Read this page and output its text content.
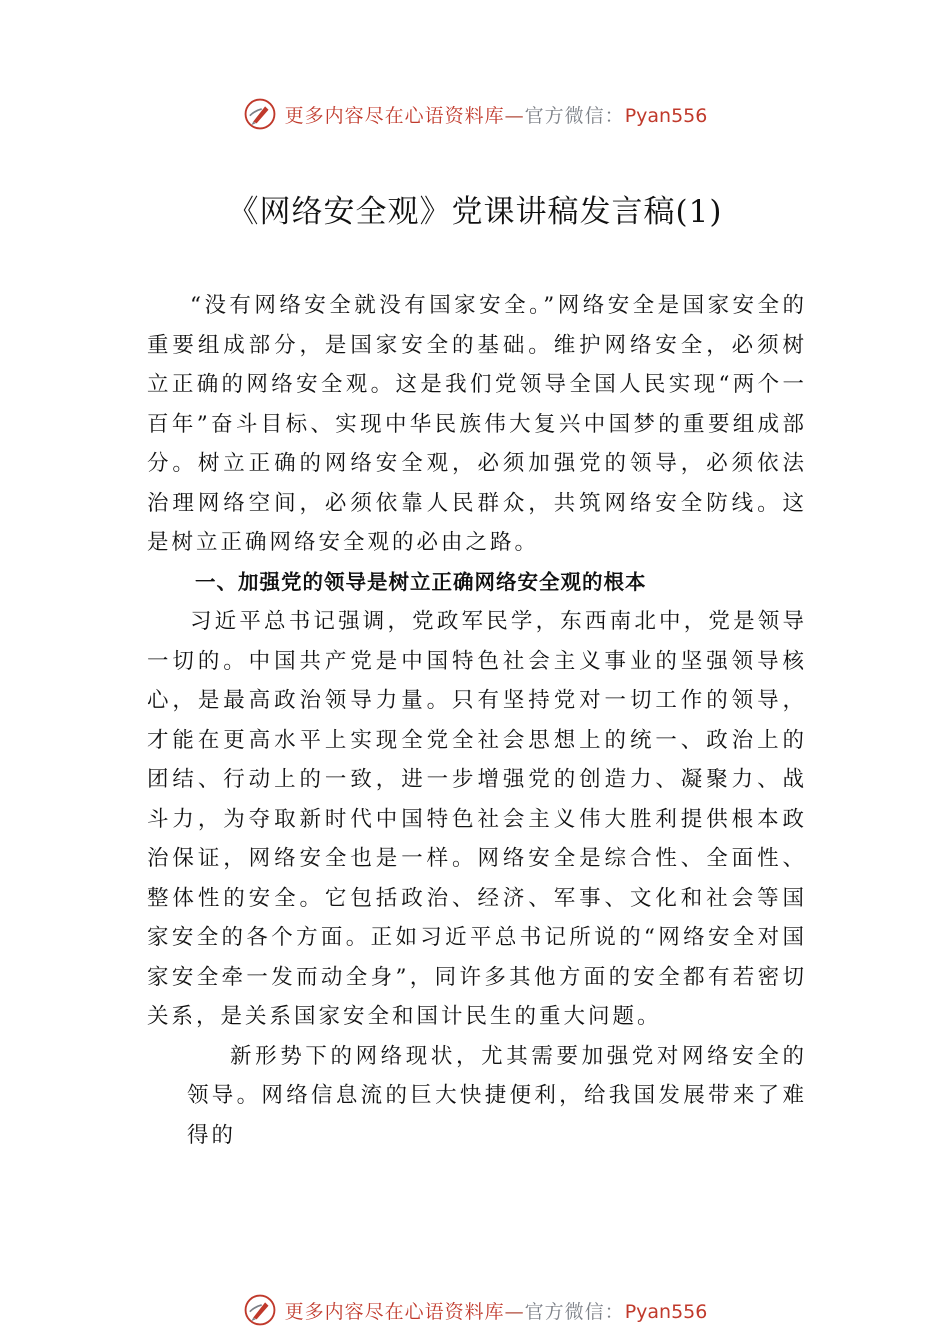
更多内容尽在心语资料库—官方微信：Pyan556
《网络安全观》党课讲稿发言稿(1)

“没有网络安全就没有国家安全。”网络安全是国家安全的重要组成部分，是国家安全的基础。维护网络安全，必须树立正确的网络安全观。这是我们党领导全国人民实现“两个一百年”奋斗目标、实现中华民族伟大复兴中国梦的重要组成部分。树立正确的网络安全观，必须加强党的领导，必须依法治理网络空间，必须依靠人民群众，共筑网络安全防线。这是树立正确网络安全观的必由之路。

一、加强党的领导是树立正确网络安全观的根本

习近平总书记强调，党政军民学，东西南北中，党是领导一切的。中国共产党是中国特色社会主义事业的坚强领导核心，是最高政治领导力量。只有坚持党对一切工作的领导，才能在更高水平上实现全党全社会思想上的统一、政治上的团结、行动上的一致，进一步增强党的创造力、凝聚力、战斗力，为夺取新时代中国特色社会主义伟大胜利提供根本政治保证，网络安全也是一样。网络安全是综合性、全面性、 整体性的安全。它包括政治、经济、军事、文化和社会等国家安全的各个方面。正如习近平总书记所说的“网络安全对国家安全牵一发而动全身”，同许多其他方面的安全都有若密切关系，是关系国家安全和国计民生的重大问题。

新形势下的网络现状，尤其需要加强党对网络安全的领导。网络信息流的巨大快捷便利，给我国发展带来了难得的

更多内容尽在心语资料库—官方微信：Pyan556
